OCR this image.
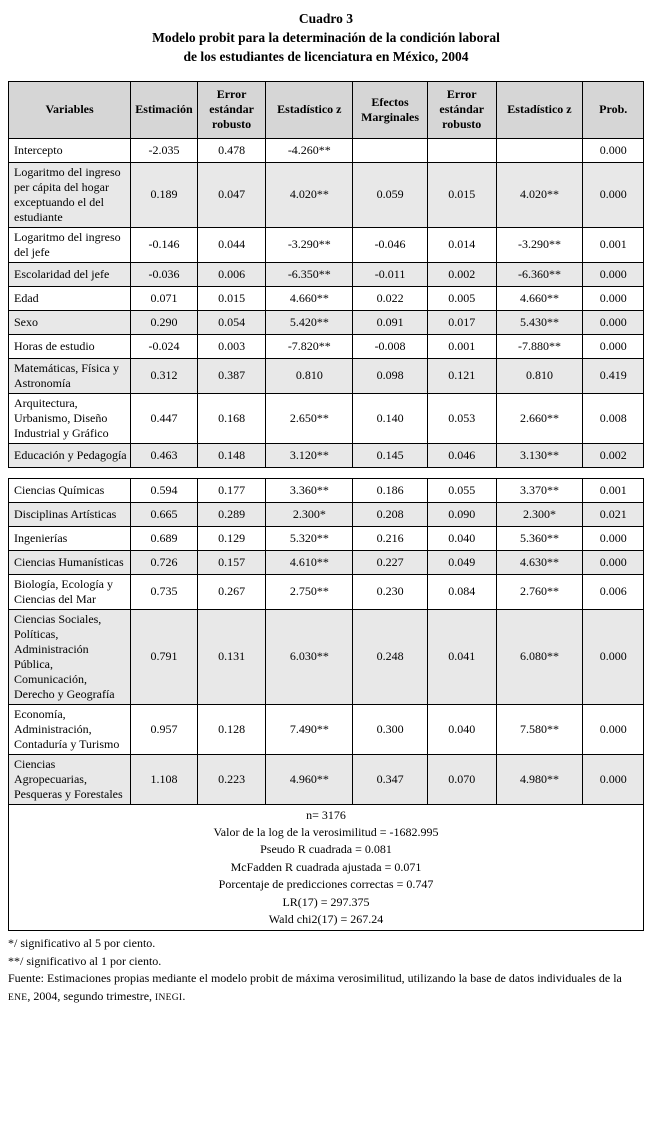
Cuadro 3
Modelo probit para la determinación de la condición laboral
de los estudiantes de licenciatura en México, 2004
Variables	Estimación	Error estándar robusto	Estadístico z	Efectos Marginales	Error estándar robusto	Estadístico z	Prob.
Intercepto	-2.035	0.478	-4.260**				0.000
Logaritmo del ingreso per cápita del hogar exceptuando el del estudiante	0.189	0.047	4.020**	0.059	0.015	4.020**	0.000
Logaritmo del ingreso del jefe	-0.146	0.044	-3.290**	-0.046	0.014	-3.290**	0.001
Escolaridad del jefe	-0.036	0.006	-6.350**	-0.011	0.002	-6.360**	0.000
Edad	0.071	0.015	4.660**	0.022	0.005	4.660**	0.000
Sexo	0.290	0.054	5.420**	0.091	0.017	5.430**	0.000
Horas de estudio	-0.024	0.003	-7.820**	-0.008	0.001	-7.880**	0.000
Matemáticas, Física y Astronomía	0.312	0.387	0.810	0.098	0.121	0.810	0.419
Arquitectura, Urbanismo, Diseño Industrial y Gráfico	0.447	0.168	2.650**	0.140	0.053	2.660**	0.008
Educación y Pedagogía	0.463	0.148	3.120**	0.145	0.046	3.130**	0.002
Ciencias Químicas	0.594	0.177	3.360**	0.186	0.055	3.370**	0.001
Disciplinas Artísticas	0.665	0.289	2.300*	0.208	0.090	2.300*	0.021
Ingenierías	0.689	0.129	5.320**	0.216	0.040	5.360**	0.000
Ciencias Humanísticas	0.726	0.157	4.610**	0.227	0.049	4.630**	0.000
Biología, Ecología y Ciencias del Mar	0.735	0.267	2.750**	0.230	0.084	2.760**	0.006
Ciencias Sociales, Políticas, Administración Pública, Comunicación, Derecho y Geografía	0.791	0.131	6.030**	0.248	0.041	6.080**	0.000
Economía, Administración, Contaduría y Turismo	0.957	0.128	7.490**	0.300	0.040	7.580**	0.000
Ciencias Agropecuarias, Pesqueras y Forestales	1.108	0.223	4.960**	0.347	0.070	4.980**	0.000

n= 3176
Valor de la log de la verosimilitud = -1682.995
Pseudo R cuadrada = 0.081
McFadden R cuadrada ajustada = 0.071
Porcentaje de predicciones correctas = 0.747
LR(17) = 297.375
Wald chi2(17) = 267.24
*/ significativo al 5 por ciento.
**/ significativo al 1 por ciento.
Fuente: Estimaciones propias mediante el modelo probit de máxima verosimilitud, utilizando la base de datos individuales de la ENE, 2004, segundo trimestre, INEGI.
